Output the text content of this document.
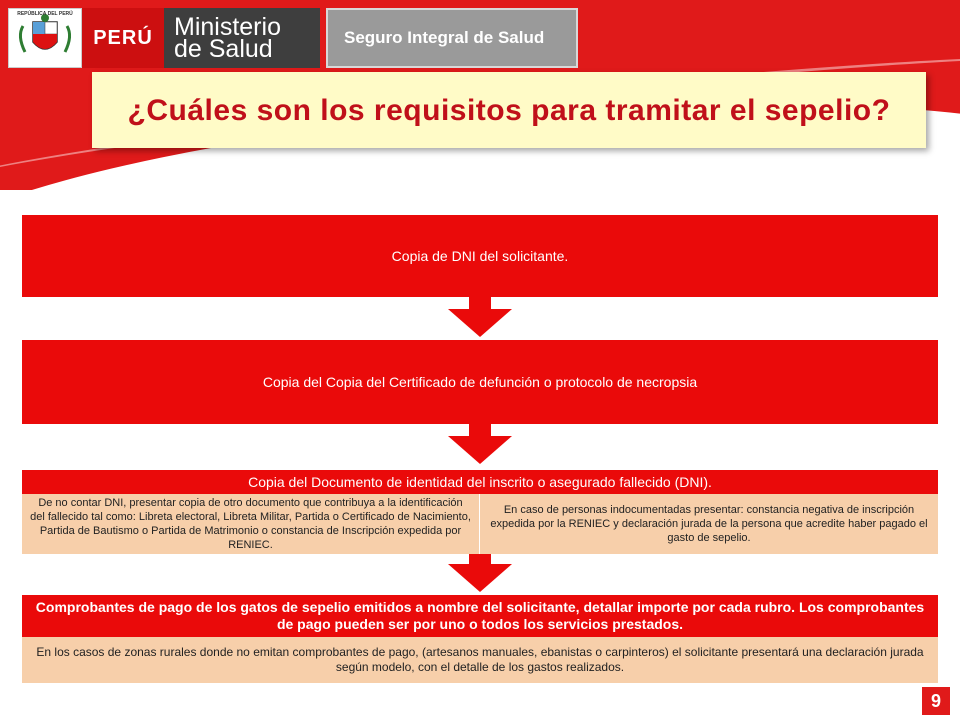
REPÚBLICA DEL PERÚ
PERÚ Ministerio
de Salud	Seguro Integral de Salud
¿Cuáles son los requisitos para tramitar el sepelio?
Copia de DNI del solicitante.
Copia del Copia del Certificado de defunción o protocolo de necropsia
Copia del Documento de identidad del inscrito o asegurado fallecido (DNI).
De no contar DNI, presentar copia de otro documento que contribuya a la identificación del fallecido tal como: Libreta electoral, Libreta Militar, Partida o Certificado de Nacimiento, Partida de Bautismo o Partida de Matrimonio o constancia de Inscripción expedida por RENIEC.
En caso de personas indocumentadas presentar: constancia negativa de inscripción expedida por la RENIEC y declaración jurada de la persona que acredite haber pagado el gasto de sepelio.
Comprobantes de pago de los gatos de sepelio emitidos a nombre del solicitante, detallar importe por cada rubro. Los comprobantes de pago pueden ser por uno o todos los servicios prestados.
En los casos de zonas rurales donde no emitan comprobantes de pago, (artesanos manuales, ebanistas o carpinteros) el solicitante presentará una declaración jurada según modelo, con el detalle de los gastos realizados.
9
